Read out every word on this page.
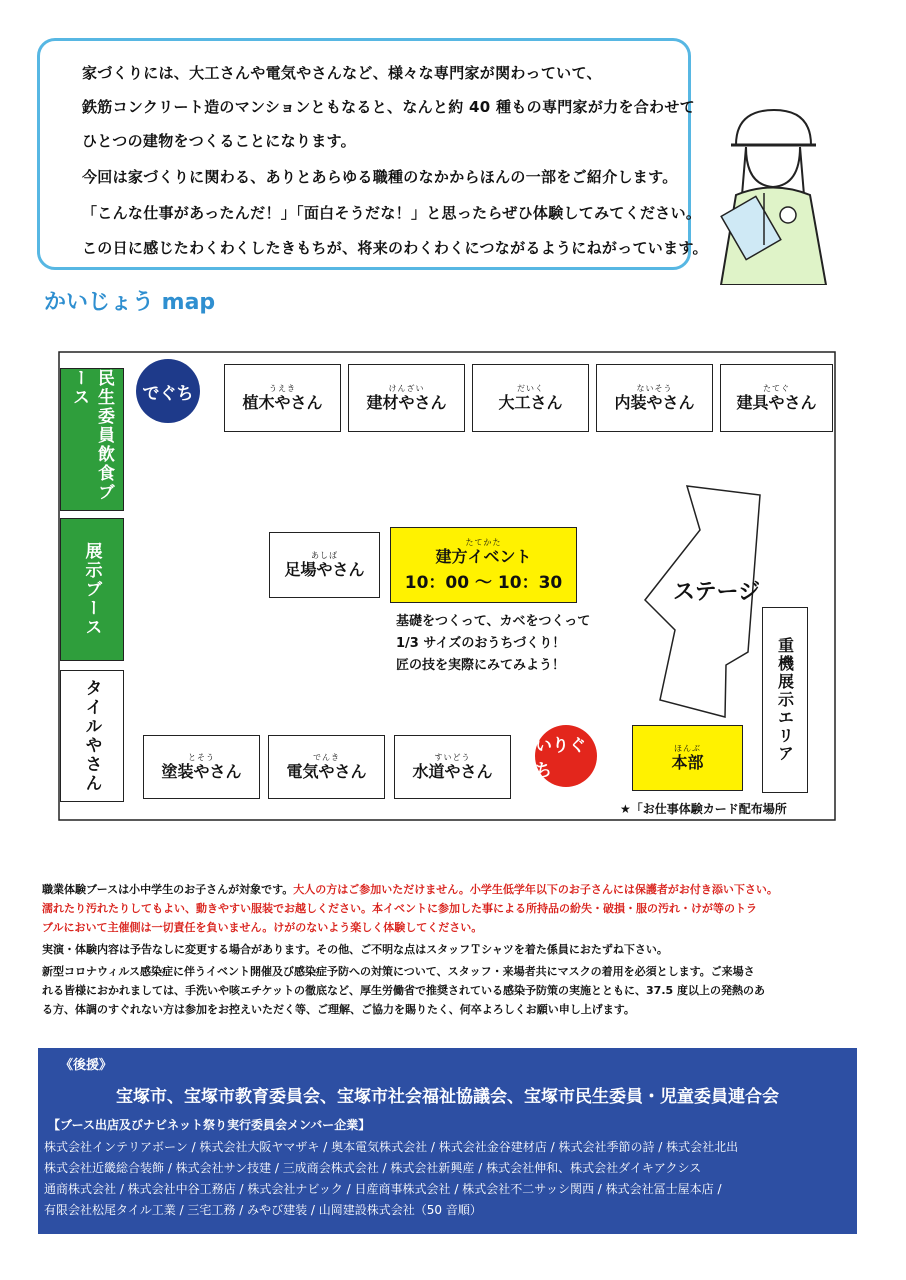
家づくりには、大工さんや電気やさんなど、様々な専門家が関わっていて、
鉄筋コンクリート造のマンションともなると、なんと約 40 種もの専門家が力を合わせて
ひとつの建物をつくることになります。
今回は家づくりに関わる、ありとあらゆる職種のなかからほんの一部をご紹介します。
「こんな仕事があったんだ！」「面白そうだな！」と思ったらぜひ体験してみてください。
この日に感じたわくわくしたきもちが、将来のわくわくにつながるようにねがっています。
かいじょう map
でぐち
いりぐち
うえき
植木やさん
けんざい
建材やさん
だいく
大工さん
ないそう
内装やさん
たてぐ
建具やさん
民生委員飲食ブース
展示ブース
タイルやさん
あしば
足場やさん
たてかた
建方イベント
10：00 ～ 10：30
基礎をつくって、カベをつくって
1/3 サイズのおうちづくり！
匠の技を実際にみてみよう！
ステージ
重機展示エリア
とそう
塗装やさん
でんき
電気やさん
すいどう
水道やさん
ほんぶ
本部
★「お仕事体験カード配布場所
職業体験ブースは小中学生のお子さんが対象です。大人の方はご参加いただけません。小学生低学年以下のお子さんには保護者がお付き添い下さい。
濡れたり汚れたりしてもよい、動きやすい服装でお越しください。本イベントに参加した事による所持品の紛失・破損・服の汚れ・けが等のトラ
ブルにおいて主催側は一切責任を負いません。けがのないよう楽しく体験してください。
実演・体験内容は予告なしに変更する場合があります。その他、ご不明な点はスタッフＴシャツを着た係員におたずね下さい。
新型コロナウィルス感染症に伴うイベント開催及び感染症予防への対策について、スタッフ・来場者共にマスクの着用を必須とします。ご来場さ
れる皆様におかれましては、手洗いや咳エチケットの徹底など、厚生労働省で推奨されている感染予防策の実施とともに、37.5 度以上の発熱のあ
る方、体調のすぐれない方は参加をお控えいただく等、ご理解、ご協力を賜りたく、何卒よろしくお願い申し上げます。
《後援》
宝塚市、宝塚市教育委員会、宝塚市社会福祉協議会、宝塚市民生委員・児童委員連合会
【ブース出店及びナビネット祭り実行委員会メンバー企業】
株式会社インテリアボーン / 株式会社大阪ヤマザキ / 奥本電気株式会社 / 株式会社金谷建材店 / 株式会社季節の詩 / 株式会社北出
株式会社近畿総合装飾 / 株式会社サン技建 / 三成商会株式会社 / 株式会社新興産 / 株式会社伸和、株式会社ダイキアクシス
通商株式会社 / 株式会社中谷工務店 / 株式会社ナビック / 日産商事株式会社 / 株式会社不二サッシ関西 / 株式会社冨士屋本店 /
有限会社松尾タイル工業 / 三宅工務 / みやび建装 / 山岡建設株式会社（50 音順）
